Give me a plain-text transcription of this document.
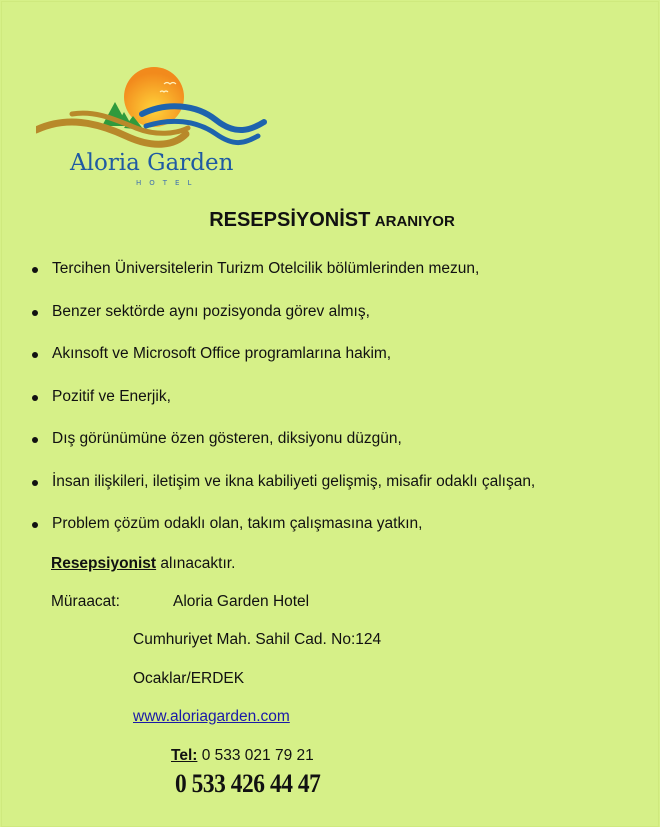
Aloria Garden
HOTEL
RESEPSİYONİST ARANIYOR
Tercihen Üniversitelerin Turizm Otelcilik bölümlerinden mezun,
Benzer sektörde aynı pozisyonda görev almış,
Akınsoft ve Microsoft Office programlarına hakim,
Pozitif ve Enerjik,
Dış görünümüne özen gösteren, diksiyonu düzgün,
İnsan ilişkileri, iletişim ve ikna kabiliyeti gelişmiş, misafir odaklı çalışan,
Problem çözüm odaklı olan, takım çalışmasına yatkın,
Resepsiyonist alınacaktır.
Müraacat:	Aloria Garden Hotel
Cumhuriyet Mah. Sahil Cad. No:124
Ocaklar/ERDEK
www.aloriagarden.com
Tel: 0 533 021 79 21
0 533 426 44 47
